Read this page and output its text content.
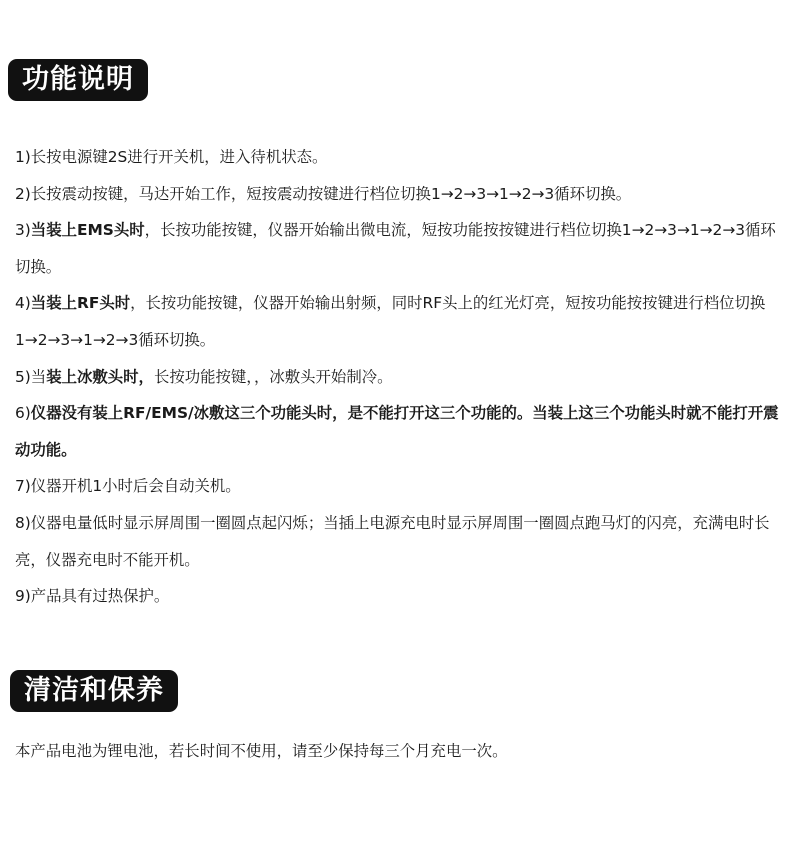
功能说明

1)长按电源键2S进行开关机，进入待机状态。

2)长按震动按键，马达开始工作，短按震动按键进行档位切换1→2→3→1→2→3循环切换。

3)当装上EMS头时，长按功能按键，仪器开始输出微电流，短按功能按按键进行档位切换1→2→3→1→2→3循环切换。

4)当装上RF头时，长按功能按键，仪器开始输出射频，同时RF头上的红光灯亮，短按功能按按键进行档位切换1→2→3→1→2→3循环切换。

5)当装上冰敷头时，长按功能按键，，冰敷头开始制冷。

6)仪器没有装上RF/EMS/冰敷这三个功能头时，是不能打开这三个功能的。当装上这三个功能头时就不能打开震动功能。

7)仪器开机1小时后会自动关机。

8)仪器电量低时显示屏周围一圈圆点起闪烁；当插上电源充电时显示屏周围一圈圆点跑马灯的闪亮，充满电时长亮，仪器充电时不能开机。

9)产品具有过热保护。

清洁和保养

本产品电池为锂电池，若长时间不使用，请至少保持每三个月充电一次。
